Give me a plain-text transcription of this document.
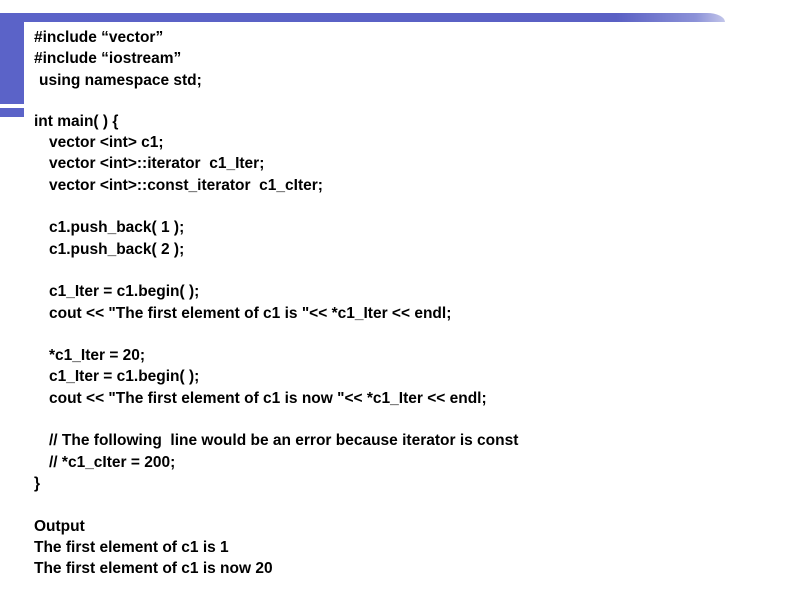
#include “vector”
#include “iostream”
using namespace std;
int main( ) {
vector <int> c1;
vector <int>::iterator  c1_Iter;
vector <int>::const_iterator  c1_cIter;
c1.push_back( 1 );
c1.push_back( 2 );
c1_Iter = c1.begin( );
cout << "The first element of c1 is "<< *c1_Iter << endl;
*c1_Iter = 20;
c1_Iter = c1.begin( );
cout << "The first element of c1 is now "<< *c1_Iter << endl;
// The following  line would be an error because iterator is const
// *c1_cIter = 200;
}
Output
The first element of c1 is 1
The first element of c1 is now 20
